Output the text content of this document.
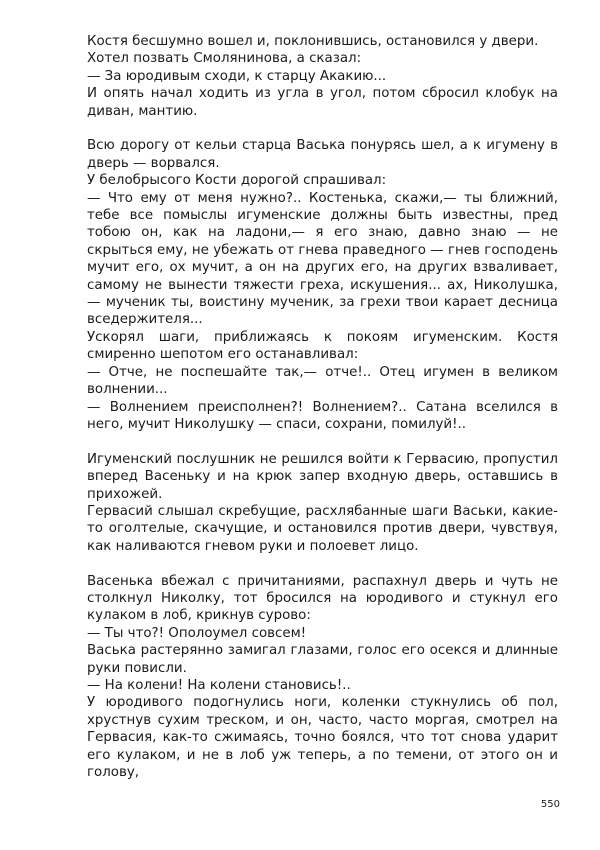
Костя бесшумно вошел и, поклонившись, остановился у двери.

Хотел позвать Смолянинова, а сказал:

— За юродивым сходи, к старцу Акакию...

И опять начал ходить из угла в угол, потом сбросил клобук на диван, мантию.

Всю дорогу от кельи старца Васька понурясь шел, а к игумену в дверь — ворвался.

У белобрысого Кости дорогой спрашивал:

— Что ему от меня нужно?.. Костенька, скажи,— ты ближний, тебе все помыслы игуменские должны быть известны, пред тобою он, как на ладони,— я его знаю, давно знаю — не скрыться ему, не убежать от гнева праведного — гнев господень мучит его, ох мучит, а он на других его, на других взваливает, самому не вынести тяжести греха, искушения... ах, Николушка,— мученик ты, воистину мученик, за грехи твои карает десница вседержителя...

Ускорял шаги, приближаясь к покоям игуменским. Костя смиренно шепотом его останавливал:

— Отче, не поспешайте так,— отче!.. Отец игумен в великом волнении...

— Волнением преисполнен?! Волнением?.. Сатана вселился в него, мучит Николушку — спаси, сохрани, помилуй!..

Игуменский послушник не решился войти к Гервасию, пропустил вперед Васеньку и на крюк запер входную дверь, оставшись в прихожей.

Гервасий слышал скребущие, расхлябанные шаги Васьки, какие-то оголтелые, скачущие, и остановился против двери, чувствуя, как наливаются гневом руки и полоевет лицо.

Васенька вбежал с причитаниями, распахнул дверь и чуть не столкнул Николку, тот бросился на юродивого и стукнул его кулаком в лоб, крикнув сурово:

— Ты что?! Ополоумел совсем!

Васька растерянно замигал глазами, голос его осекся и длинные руки повисли.

— На колени! На колени становись!..

У юродивого подогнулись ноги, коленки стукнулись об пол, хрустнув сухим треском, и он, часто, часто моргая, смотрел на Гервасия, как-то сжимаясь, точно боялся, что тот снова ударит его кулаком, и не в лоб уж теперь, а по темени, от этого он и голову,

550
